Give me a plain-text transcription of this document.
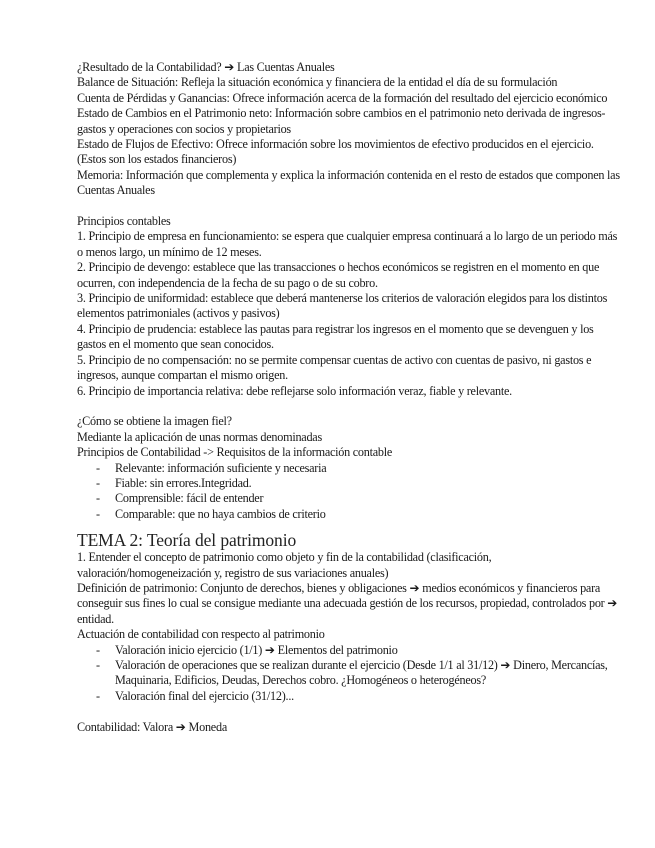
¿Resultado de la Contabilidad? ➔ Las Cuentas Anuales

Balance de Situación: Refleja la situación económica y financiera de la entidad el día de su formulación

Cuenta de Pérdidas y Ganancias: Ofrece información acerca de la formación del resultado del ejercicio económico

Estado de Cambios en el Patrimonio neto: Información sobre cambios en el patrimonio neto derivada de ingresos-gastos y operaciones con socios y propietarios

Estado de Flujos de Efectivo: Ofrece información sobre los movimientos de efectivo producidos en el ejercicio.

(Estos son los estados financieros)

Memoria: Información que complementa y explica la información contenida en el resto de estados que componen las Cuentas Anuales

Principios contables

1. Principio de empresa en funcionamiento: se espera que cualquier empresa continuará a lo largo de un periodo más o menos largo, un mínimo de 12 meses.

2. Principio de devengo: establece que las transacciones o hechos económicos se registren en el momento en que ocurren, con independencia de la fecha de su pago o de su cobro.

3. Principio de uniformidad: establece que deberá mantenerse los criterios de valoración elegidos para los distintos elementos patrimoniales (activos y pasivos)

4. Principio de prudencia: establece las pautas para registrar los ingresos en el momento que se devenguen y los gastos en el momento que sean conocidos.

5. Principio de no compensación: no se permite compensar cuentas de activo con cuentas de pasivo, ni gastos e ingresos, aunque compartan el mismo origen.

6. Principio de importancia relativa: debe reflejarse solo información veraz, fiable y relevante.

¿Cómo se obtiene la imagen fiel?

Mediante la aplicación de unas normas denominadas

Principios de Contabilidad -> Requisitos de la información contable

- Relevante: información suficiente y necesaria
- Fiable: sin errores.Integridad.
- Comprensible: fácil de entender
- Comparable: que no haya cambios de criterio
TEMA 2: Teoría del patrimonio

1. Entender el concepto de patrimonio como objeto y fin de la contabilidad (clasificación, valoración/homogeneización y, registro de sus variaciones anuales)

Definición de patrimonio: Conjunto de derechos, bienes y obligaciones ➔ medios económicos y financieros para conseguir sus fines lo cual se consigue mediante una adecuada gestión de los recursos, propiedad, controlados por ➔ entidad.

Actuación de contabilidad con respecto al patrimonio

- Valoración inicio ejercicio (1/1) ➔ Elementos del patrimonio
- Valoración de operaciones que se realizan durante el ejercicio (Desde 1/1 al 31/12) ➔ Dinero, Mercancías, Maquinaria, Edificios, Deudas, Derechos cobro. ¿Homogéneos o heterogéneos?
- Valoración final del ejercicio (31/12)...

Contabilidad: Valora ➔ Moneda
